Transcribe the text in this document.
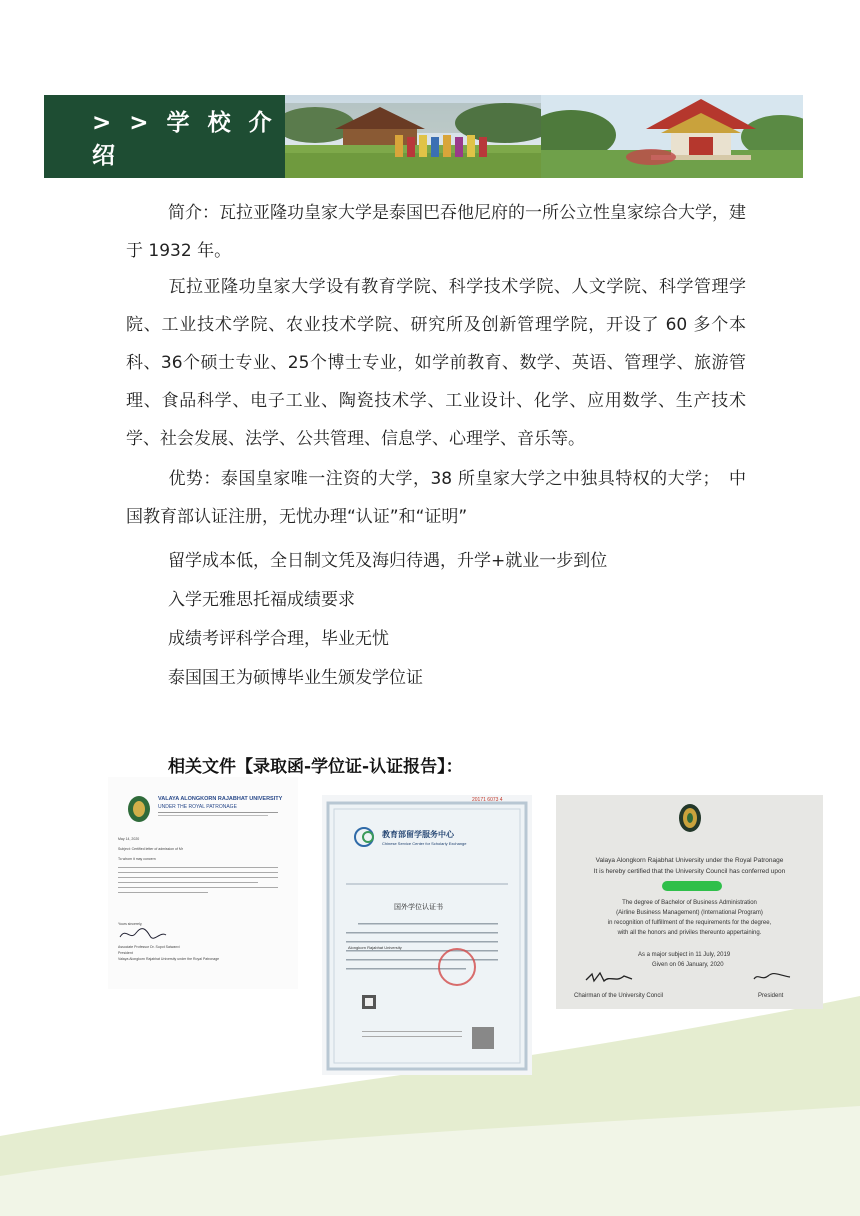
> > 学 校 介绍

简介：瓦拉亚隆功皇家大学是泰国巴吞他尼府的一所公立性皇家综合大学，建于 1932 年。

瓦拉亚隆功皇家大学设有教育学院、科学技术学院、人文学院、科学管理学院、工业技术学院、农业技术学院、研究所及创新管理学院，开设了 60 多个本科、36个硕士专业、25个博士专业，如学前教育、数学、英语、管理学、旅游管理、食品科学、电子工业、陶瓷技术学、工业设计、化学、应用数学、生产技术学、社会发展、法学、公共管理、信息学、心理学、音乐等。

优势：泰国皇家唯一注资的大学，38 所皇家大学之中独具特权的大学；　中国教育部认证注册，无忧办理“认证”和“证明”

留学成本低，全日制文凭及海归待遇，升学+就业一步到位

入学无雅思托福成绩要求

成绩考评科学合理，毕业无忧

泰国国王为硕博毕业生颁发学位证

相关文件【录取函-学位证-认证报告】：

VALAYA ALONGKORN RAJABHAT UNIVERSITY
UNDER THE ROYAL PATRONAGE
May 14, 2020
Subject: Certified letter of admission of Mr
To whom it may concern
Yours sincerely,
Associate Professor Dr. Supot Saiwanvi
President
Valaya Alongkorn Rajabhat University under the Royal Patronage
20171 6073 4
教育部留学服务中心
Chinese Service Center for Scholarly Exchange
国外学位认证书
Alongkorn Rajabhat University
Valaya Alongkorn Rajabhat University under the Royal Patronage
It is hereby certified that the University Council has conferred upon
The degree of Bachelor of Business Administration
(Airline Business Management) (International Program)
in recognition of fulfillment of the requirements for the degree,
with all the honors and priviles thereunto appertaining.
As a major subject in 11 July, 2019
Given on 06 January, 2020
Chairman of the University Concil	President
